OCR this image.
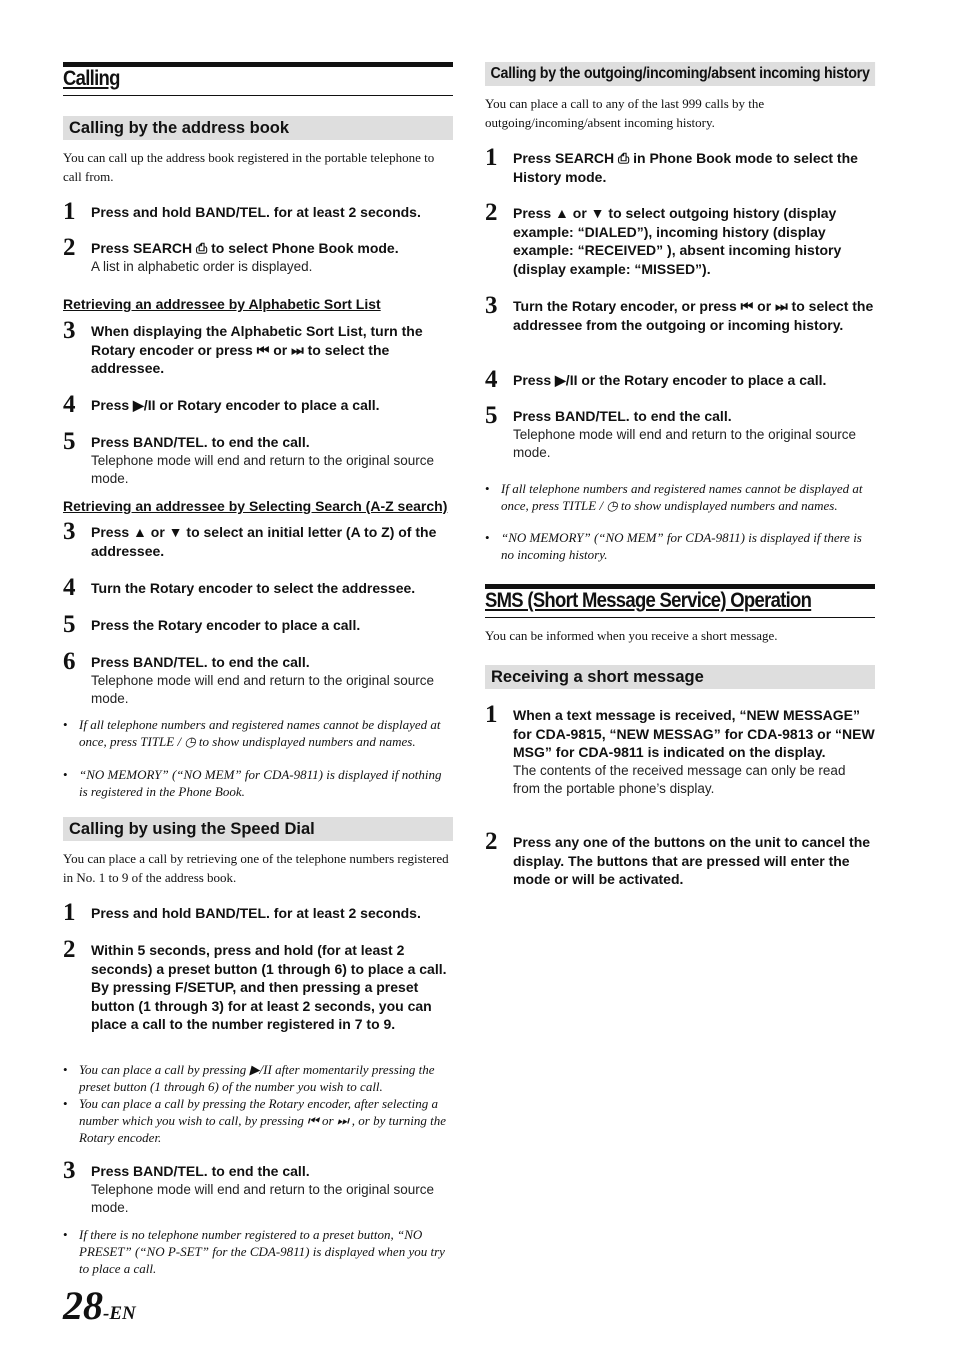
Calling
Calling by the address book
You can call up the address book registered in the portable telephone to call from.
1 Press and hold BAND/TEL. for at least 2 seconds.
2 Press SEARCH ⎙ to select Phone Book mode.
A list in alphabetic order is displayed.
Retrieving an addressee by Alphabetic Sort List
3 When displaying the Alphabetic Sort List, turn the Rotary encoder or press ⏮ or ⏭ to select the addressee.
4 Press ▶/II or Rotary encoder to place a call.
5 Press BAND/TEL. to end the call.
Telephone mode will end and return to the original source mode.
Retrieving an addressee by Selecting Search (A-Z search)
3 Press ▲ or ▼ to select an initial letter (A to Z) of the addressee.
4 Turn the Rotary encoder to select the addressee.
5 Press the Rotary encoder to place a call.
6 Press BAND/TEL. to end the call.
Telephone mode will end and return to the original source mode.
• If all telephone numbers and registered names cannot be displayed at once, press TITLE / ◷ to show undisplayed numbers and names.
• “NO MEMORY” (“NO MEM” for CDA-9811) is displayed if nothing is registered in the Phone Book.
Calling by using the Speed Dial
You can place a call by retrieving one of the telephone numbers registered in No. 1 to 9 of the address book.
1 Press and hold BAND/TEL. for at least 2 seconds.
2 Within 5 seconds, press and hold (for at least 2 seconds) a preset button (1 through 6) to place a call.
By pressing F/SETUP, and then pressing a preset button (1 through 3) for at least 2 seconds, you can place a call to the number registered in 7 to 9.
• You can place a call by pressing ▶/II after momentarily pressing the preset button (1 through 6) of the number you wish to call.
• You can place a call by pressing the Rotary encoder, after selecting a number which you wish to call, by pressing ⏮ or ⏭ , or by turning the Rotary encoder.
3 Press BAND/TEL. to end the call.
Telephone mode will end and return to the original source mode.
• If there is no telephone number registered to a preset button, “NO PRESET” (“NO P-SET” for the CDA-9811) is displayed when you try to place a call.
Calling by the outgoing/incoming/absent incoming history
You can place a call to any of the last 999 calls by the outgoing/incoming/absent incoming history.
1 Press SEARCH ⎙ in Phone Book mode to select the History mode.
2 Press ▲ or ▼ to select outgoing history (display example: “DIALED”), incoming history (display example: “RECEIVED” ), absent incoming history (display example: “MISSED”).
3 Turn the Rotary encoder, or press ⏮ or ⏭ to select the addressee from the outgoing or incoming history.
4 Press ▶/II or the Rotary encoder to place a call.
5 Press BAND/TEL. to end the call.
Telephone mode will end and return to the original source mode.
• If all telephone numbers and registered names cannot be displayed at once, press TITLE / ◷ to show undisplayed numbers and names.
• “NO MEMORY” (“NO MEM” for CDA-9811) is displayed if there is no incoming history.
SMS (Short Message Service) Operation
You can be informed when you receive a short message.
Receiving a short message
1 When a text message is received, “NEW MESSAGE” for CDA-9815, “NEW MESSAG” for CDA-9813 or “NEW MSG” for CDA-9811 is indicated on the display.
The contents of the received message can only be read from the portable phone’s display.
2 Press any one of the buttons on the unit to cancel the display. The buttons that are pressed will enter the mode or will be activated.
28-EN
